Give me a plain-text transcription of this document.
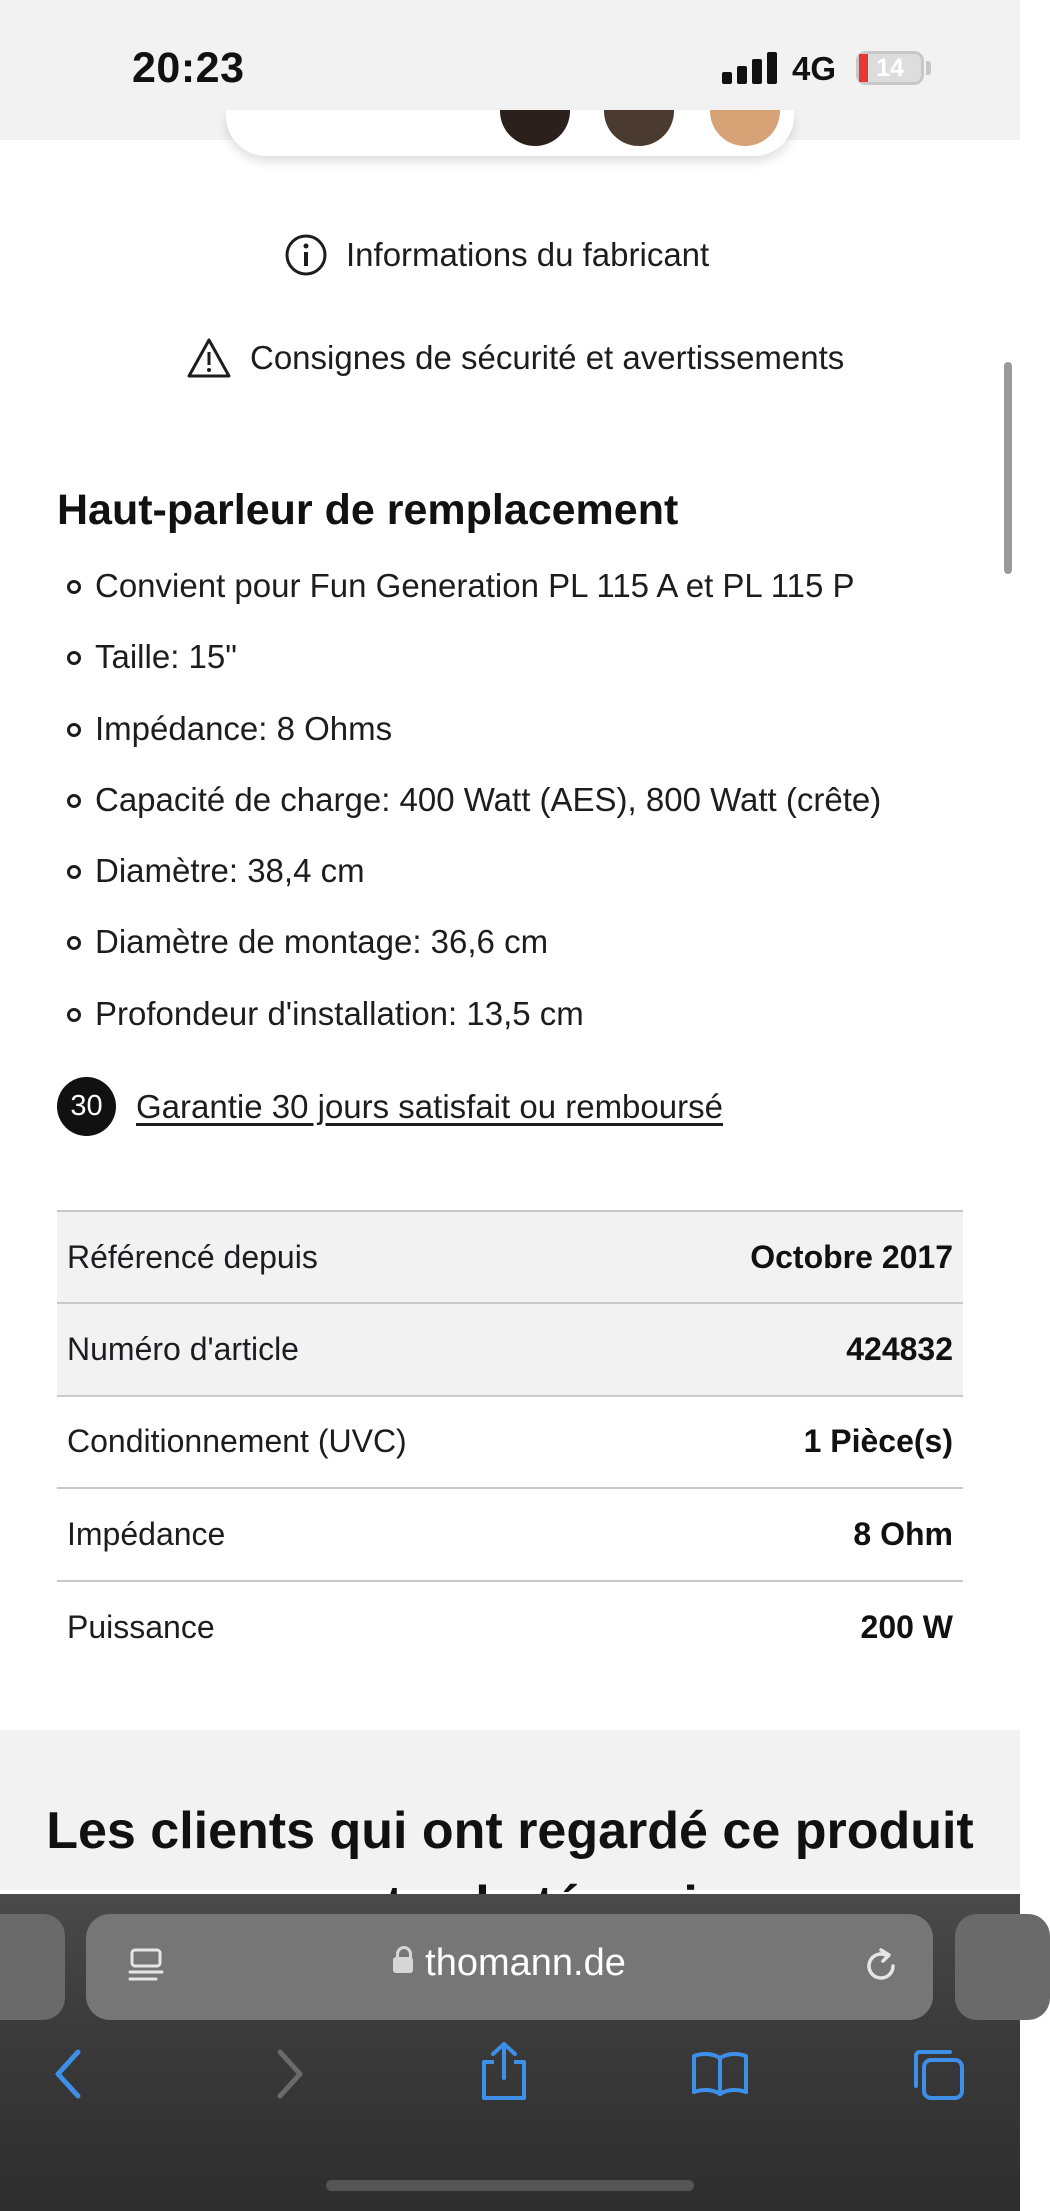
20:23	4G	14
Informations du fabricant
Consignes de sécurité et avertissements
Haut-parleur de remplacement
Convient pour Fun Generation PL 115 A et PL 115 P
Taille: 15"
Impédance: 8 Ohms
Capacité de charge: 400 Watt (AES), 800 Watt (crête)
Diamètre: 38,4 cm
Diamètre de montage: 36,6 cm
Profondeur d'installation: 13,5 cm
30	Garantie 30 jours satisfait ou remboursé
Référencé depuis	Octobre 2017
Numéro d'article	424832
Conditionnement (UVC)	1 Pièce(s)
Impédance	8 Ohm
Puissance	200 W
Les clients qui ont regardé ce produit
thomann.de
